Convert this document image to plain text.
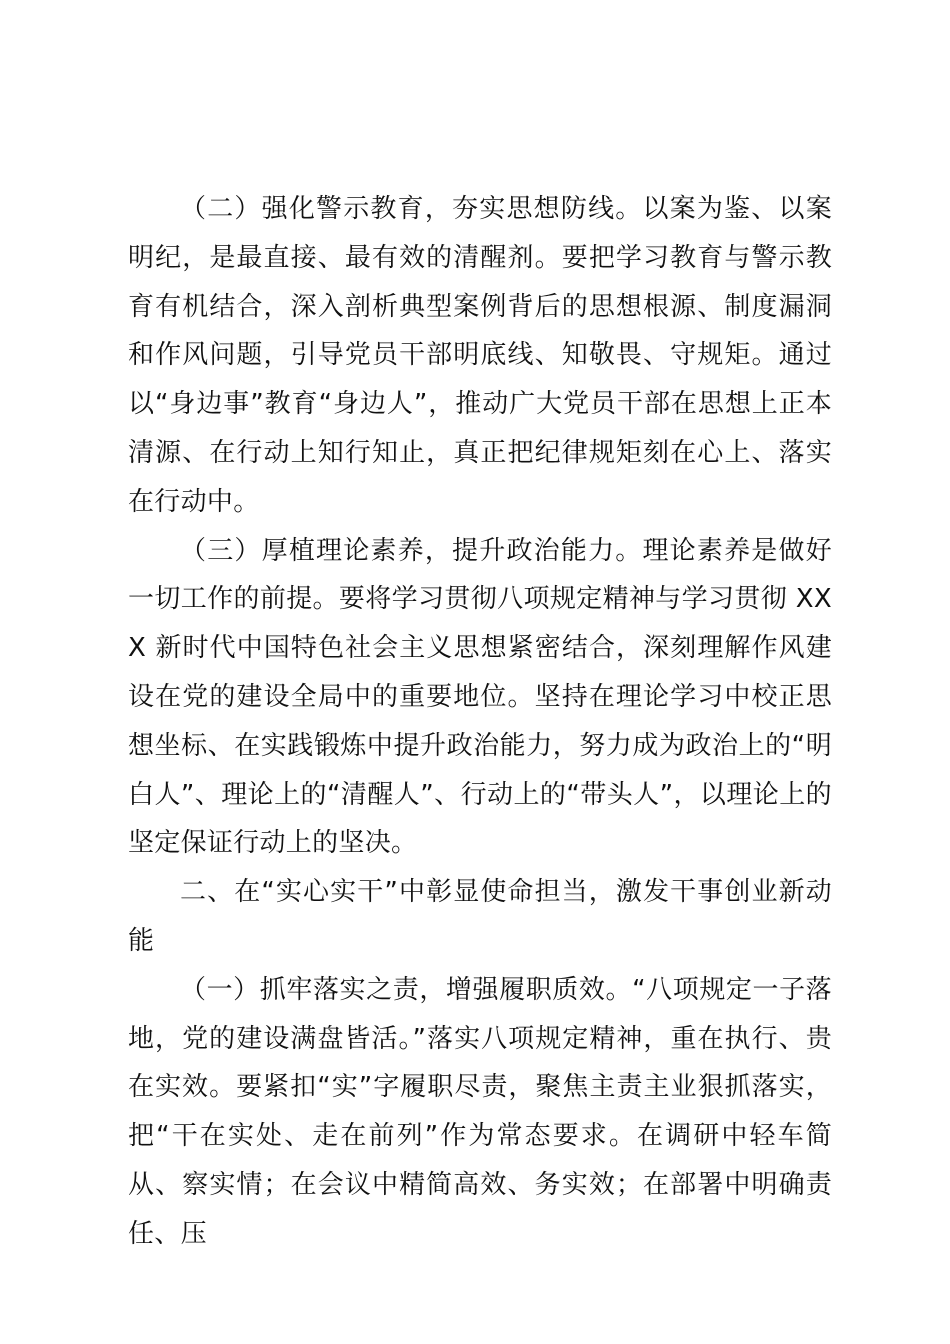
（二）强化警示教育，夯实思想防线。以案为鉴、以案明纪，是最直接、最有效的清醒剂。要把学习教育与警示教育有机结合，深入剖析典型案例背后的思想根源、制度漏洞和作风问题，引导党员干部明底线、知敬畏、守规矩。通过以“身边事”教育“身边人”，推动广大党员干部在思想上正本清源、在行动上知行知止，真正把纪律规矩刻在心上、落实在行动中。

（三）厚植理论素养，提升政治能力。理论素养是做好一切工作的前提。要将学习贯彻八项规定精神与学习贯彻 XXX 新时代中国特色社会主义思想紧密结合，深刻理解作风建设在党的建设全局中的重要地位。坚持在理论学习中校正思想坐标、在实践锻炼中提升政治能力，努力成为政治上的“明白人”、理论上的“清醒人”、行动上的“带头人”，以理论上的坚定保证行动上的坚决。

二、在“实心实干”中彰显使命担当，激发干事创业新动能

（一）抓牢落实之责，增强履职质效。“八项规定一子落地，党的建设满盘皆活。”落实八项规定精神，重在执行、贵在实效。要紧扣“实”字履职尽责，聚焦主责主业狠抓落实，把“干在实处、走在前列”作为常态要求。在调研中轻车简从、察实情；在会议中精简高效、务实效；在部署中明确责任、压
